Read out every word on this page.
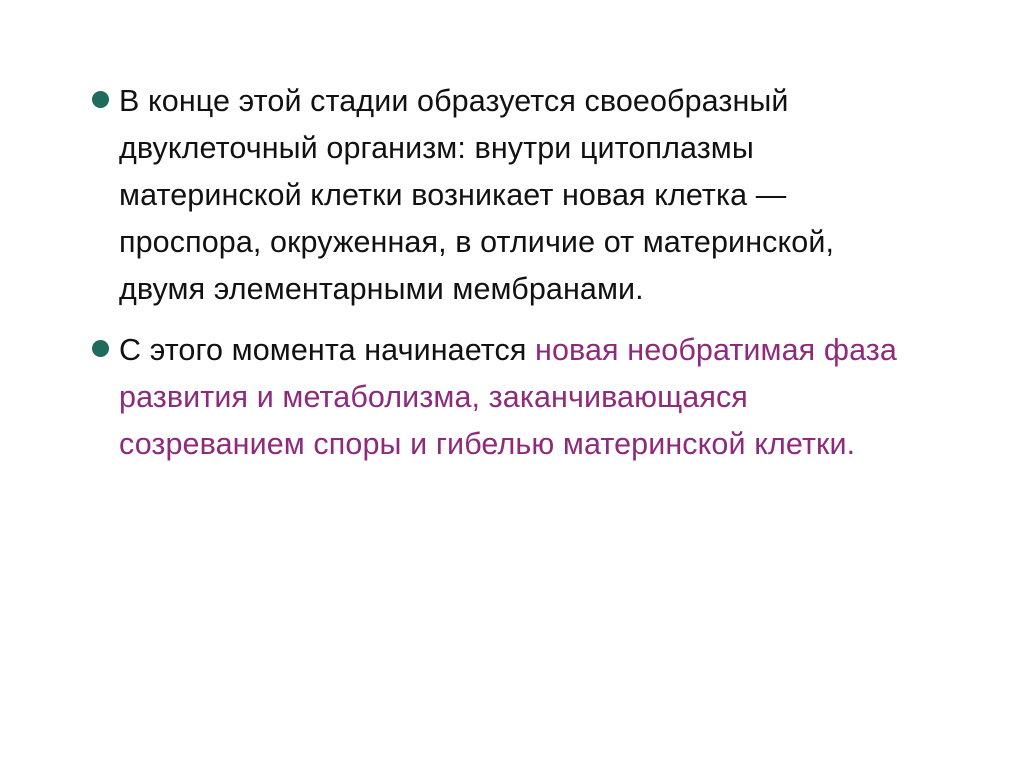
В конце этой стадии образуется своеобразный двуклеточный организм: внутри цитоплазмы материнской клетки возникает новая клетка — проспора, окруженная, в отличие от материнской, двумя элементарными мембранами.
С этого момента начинается новая необратимая фаза развития и метаболизма, заканчивающаяся созреванием споры и гибелью материнской клетки.
